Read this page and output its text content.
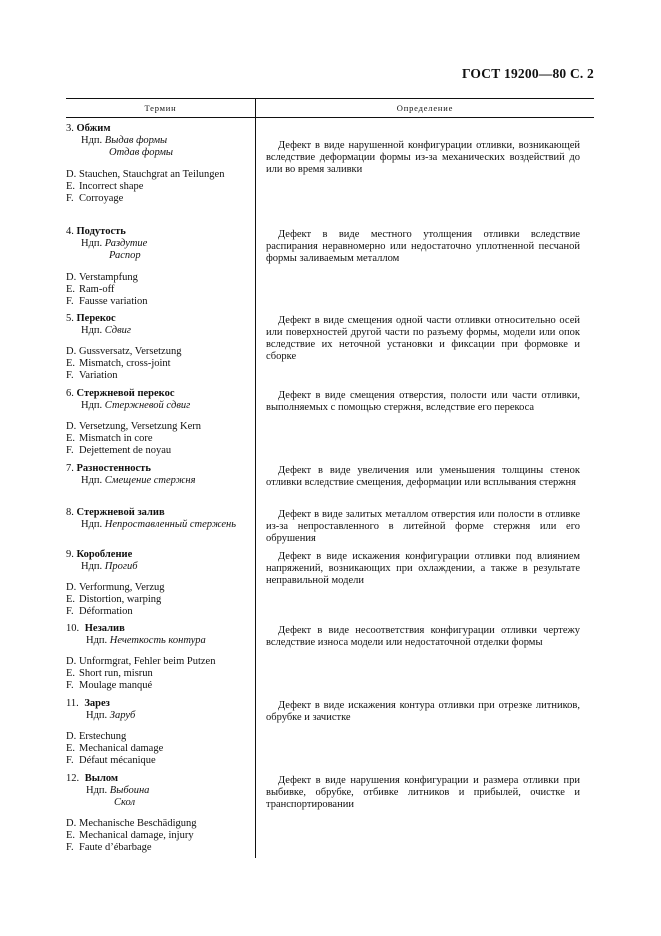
ГОСТ 19200—80 С. 2
Термин	Определение
3. Обжим
Ндп. Выдав формы
Отдав формы
D. Stauchen, Stauchgrat an Teilungen
E. Incorrect shape
F. Corroyage
4. Подутость
Ндп. Раздутие
Распор
D. Verstampfung
E. Ram-off
F. Fausse variation
5. Перекос
Ндп. Сдвиг
D. Gussversatz, Versetzung
E. Mismatch, cross-joint
F. Variation
6. Стержневой перекос
Ндп. Стержневой сдвиг
D. Versetzung, Versetzung Kern
E. Mismatch in core
F. Dejettement de noyau
7. Разностенность
Ндп. Смещение стержня
8. Стержневой залив
Ндп. Непроставленный стержень
9. Коробление
Ндп. Прогиб
D. Verformung, Verzug
E. Distortion, warping
F. Déformation
10. Незалив
Ндп. Нечеткость контура
D. Unformgrat, Fehler beim Putzen
E. Short run, misrun
F. Moulage manqué
11. Зарез
Ндп. Заруб
D. Erstechung
E. Mechanical damage
F. Défaut mécanique
12. Вылом
Ндп. Выбоина
Скол
D. Mechanische Beschädigung
E. Mechanical damage, injury
F. Faute d’ébarbage
Дефект в виде нарушенной конфигурации отливки, возникающей вследствие деформации формы из-за механических воздействий до или во время заливки
Дефект в виде местного утолщения отливки вследствие распирания неравномерно или недостаточно уплотненной песчаной формы заливаемым металлом
Дефект в виде смещения одной части отливки относительно осей или поверхностей другой части по разъему формы, модели или опок вследствие их неточной установки и фиксации при формовке и сборке
Дефект в виде смещения отверстия, полости или части отливки, выполняемых с помощью стержня, вследствие его перекоса
Дефект в виде увеличения или уменьшения толщины стенок отливки вследствие смещения, деформации или всплывания стержня
Дефект в виде залитых металлом отверстия или полости в отливке из-за непроставленного в литейной форме стержня или его обрушения
Дефект в виде искажения конфигурации отливки под влиянием напряжений, возникающих при охлаждении, а также в результате неправильной модели
Дефект в виде несоответствия конфигурации отливки чертежу вследствие износа модели или недостаточной отделки формы
Дефект в виде искажения контура отливки при отрезке литников, обрубке и зачистке
Дефект в виде нарушения конфигурации и размера отливки при выбивке, обрубке, отбивке литников и прибылей, очистке и транспортировании
